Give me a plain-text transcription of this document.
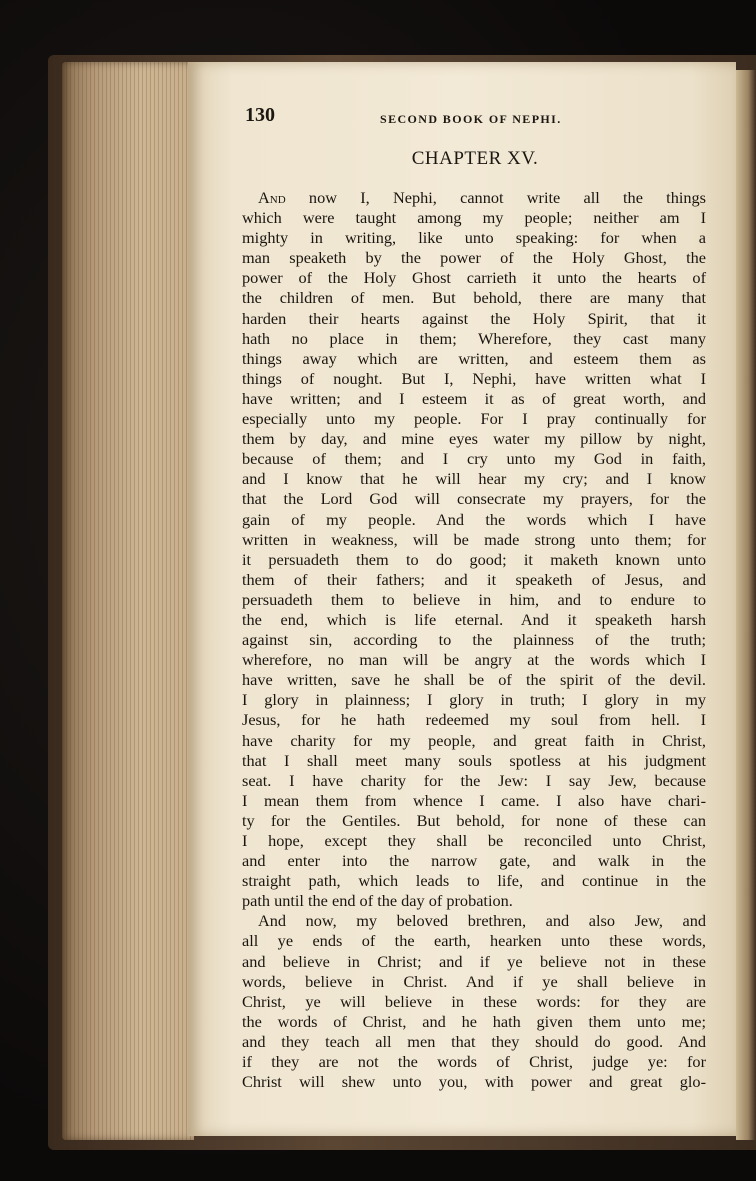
130	SECOND BOOK OF NEPHI.
CHAPTER XV.
And now I, Nephi, cannot write all the things
which were taught among my people; neither am I
mighty in writing, like unto speaking: for when a
man speaketh by the power of the Holy Ghost, the
power of the Holy Ghost carrieth it unto the hearts of
the children of men. But behold, there are many that
harden their hearts against the Holy Spirit, that it
hath no place in them; Wherefore, they cast many
things away which are written, and esteem them as
things of nought. But I, Nephi, have written what I
have written; and I esteem it as of great worth, and
especially unto my people. For I pray continually for
them by day, and mine eyes water my pillow by night,
because of them; and I cry unto my God in faith,
and I know that he will hear my cry; and I know
that the Lord God will consecrate my prayers, for the
gain of my people. And the words which I have
written in weakness, will be made strong unto them; for
it persuadeth them to do good; it maketh known unto
them of their fathers; and it speaketh of Jesus, and
persuadeth them to believe in him, and to endure to
the end, which is life eternal. And it speaketh harsh
against sin, according to the plainness of the truth;
wherefore, no man will be angry at the words which I
have written, save he shall be of the spirit of the devil.
I glory in plainness; I glory in truth; I glory in my
Jesus, for he hath redeemed my soul from hell. I
have charity for my people, and great faith in Christ,
that I shall meet many souls spotless at his judgment
seat. I have charity for the Jew: I say Jew, because
I mean them from whence I came. I also have chari-
ty for the Gentiles. But behold, for none of these can
I hope, except they shall be reconciled unto Christ,
and enter into the narrow gate, and walk in the
straight path, which leads to life, and continue in the
path until the end of the day of probation.
And now, my beloved brethren, and also Jew, and
all ye ends of the earth, hearken unto these words,
and believe in Christ; and if ye believe not in these
words, believe in Christ. And if ye shall believe in
Christ, ye will believe in these words: for they are
the words of Christ, and he hath given them unto me;
and they teach all men that they should do good. And
if they are not the words of Christ, judge ye: for
Christ will shew unto you, with power and great glo-
